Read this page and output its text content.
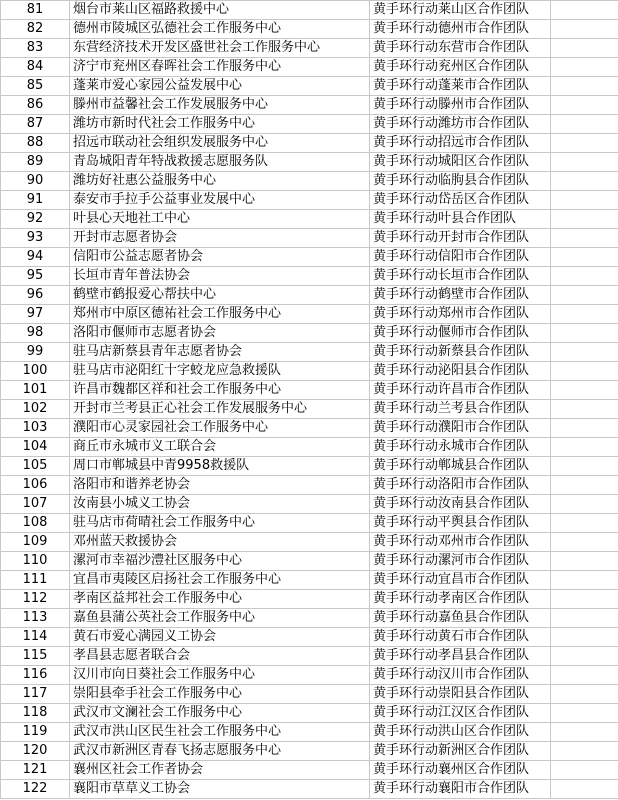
81	烟台市莱山区福路救援中心	黄手环行动莱山区合作团队	
82	德州市陵城区弘德社会工作服务中心	黄手环行动德州市合作团队	
83	东营经济技术开发区盛世社会工作服务中心	黄手环行动东营市合作团队	
84	济宁市兖州区春晖社会工作服务中心	黄手环行动兖州区合作团队	
85	蓬莱市爱心家园公益发展中心	黄手环行动蓬莱市合作团队	
86	滕州市益馨社会工作发展服务中心	黄手环行动滕州市合作团队	
87	潍坊市新时代社会工作服务中心	黄手环行动潍坊市合作团队	
88	招远市联动社会组织发展服务中心	黄手环行动招远市合作团队	
89	青岛城阳青年特战救援志愿服务队	黄手环行动城阳区合作团队	
90	潍坊好社惠公益服务中心	黄手环行动临朐县合作团队	
91	泰安市手拉手公益事业发展中心	黄手环行动岱岳区合作团队	
92	叶县心天地社工中心	黄手环行动叶县合作团队	
93	开封市志愿者协会	黄手环行动开封市合作团队	
94	信阳市公益志愿者协会	黄手环行动信阳市合作团队	
95	长垣市青年普法协会	黄手环行动长垣市合作团队	
96	鹤壁市鹤报爱心帮扶中心	黄手环行动鹤壁市合作团队	
97	郑州市中原区德祐社会工作服务中心	黄手环行动郑州市合作团队	
98	洛阳市偃师市志愿者协会	黄手环行动偃师市合作团队	
99	驻马店新蔡县青年志愿者协会	黄手环行动新蔡县合作团队	
100	驻马店市泌阳红十字蛟龙应急救援队	黄手环行动泌阳县合作团队	
101	许昌市魏都区祥和社会工作服务中心	黄手环行动许昌市合作团队	
102	开封市兰考县正心社会工作发展服务中心	黄手环行动兰考县合作团队	
103	濮阳市心灵家园社会工作服务中心	黄手环行动濮阳市合作团队	
104	商丘市永城市义工联合会	黄手环行动永城市合作团队	
105	周口市郸城县中青9958救援队	黄手环行动郸城县合作团队	
106	洛阳市和谐养老协会	黄手环行动洛阳市合作团队	
107	汝南县小城义工协会	黄手环行动汝南县合作团队	
108	驻马店市荷晴社会工作服务中心	黄手环行动平舆县合作团队	
109	邓州蓝天救援协会	黄手环行动邓州市合作团队	
110	漯河市幸福沙澧社区服务中心	黄手环行动漯河市合作团队	
111	宜昌市夷陵区启扬社会工作服务中心	黄手环行动宜昌市合作团队	
112	孝南区益邦社会工作服务中心	黄手环行动孝南区合作团队	
113	嘉鱼县蒲公英社会工作服务中心	黄手环行动嘉鱼县合作团队	
114	黄石市爱心满园义工协会	黄手环行动黄石市合作团队	
115	孝昌县志愿者联合会	黄手环行动孝昌县合作团队	
116	汉川市向日葵社会工作服务中心	黄手环行动汉川市合作团队	
117	崇阳县牵手社会工作服务中心	黄手环行动崇阳县合作团队	
118	武汉市文澜社会工作服务中心	黄手环行动江汉区合作团队	
119	武汉市洪山区民生社会工作服务中心	黄手环行动洪山区合作团队	
120	武汉市新洲区青春飞扬志愿服务中心	黄手环行动新洲区合作团队	
121	襄州区社会工作者协会	黄手环行动襄州区合作团队	
122	襄阳市草草义工协会	黄手环行动襄阳市合作团队	
